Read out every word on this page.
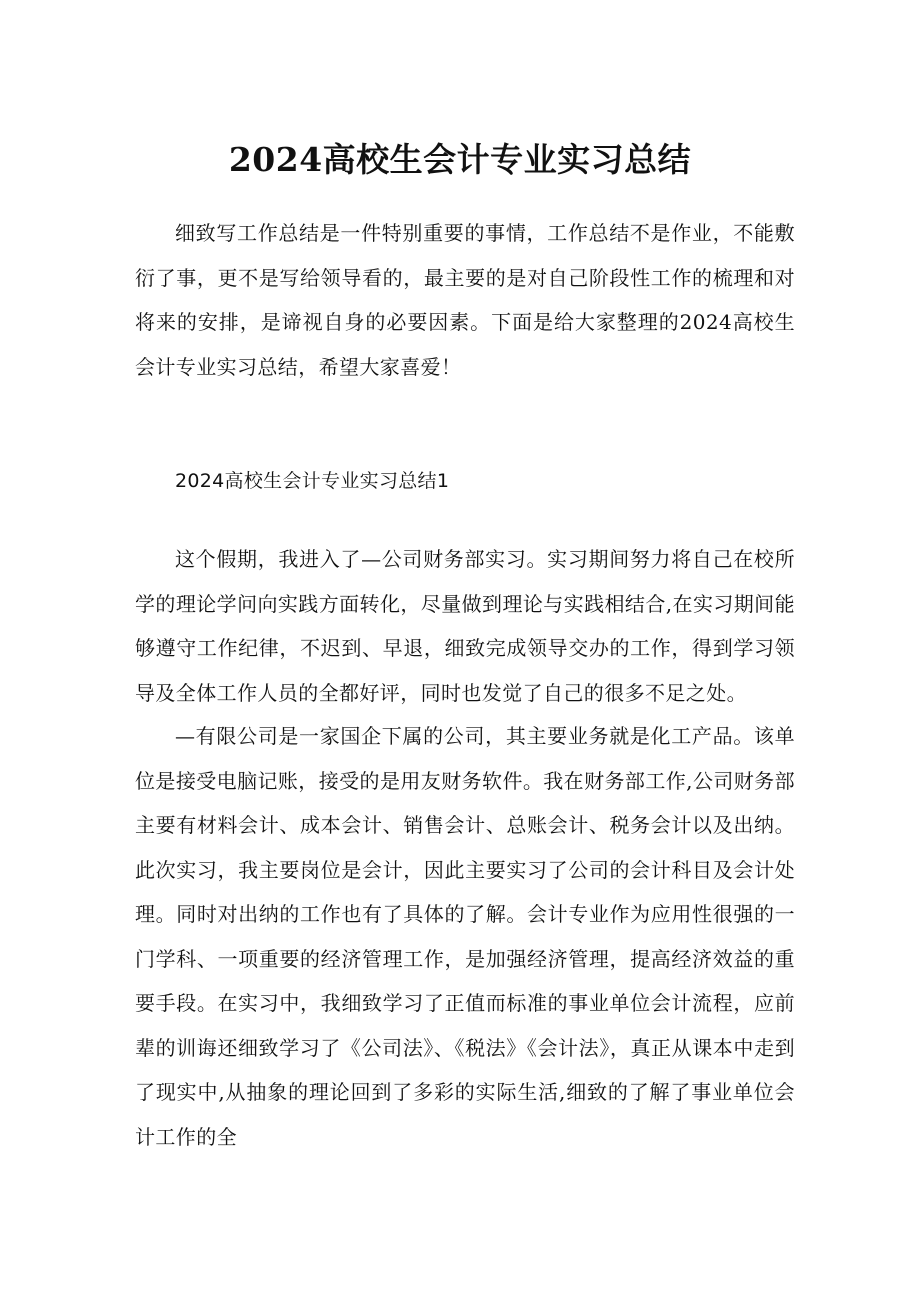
2024高校生会计专业实习总结

细致写工作总结是一件特别重要的事情，工作总结不是作业，不能敷衍了事，更不是写给领导看的，最主要的是对自己阶段性工作的梳理和对将来的安排，是谛视自身的必要因素。下面是给大家整理的2024高校生会计专业实习总结，希望大家喜爱！

2024高校生会计专业实习总结1

这个假期，我进入了—公司财务部实习。实习期间努力将自己在校所学的理论学问向实践方面转化，尽量做到理论与实践相结合,在实习期间能够遵守工作纪律，不迟到、早退，细致完成领导交办的工作，得到学习领导及全体工作人员的全都好评，同时也发觉了自己的很多不足之处。

—有限公司是一家国企下属的公司，其主要业务就是化工产品。该单位是接受电脑记账，接受的是用友财务软件。我在财务部工作,公司财务部主要有材料会计、成本会计、销售会计、总账会计、税务会计以及出纳。此次实习，我主要岗位是会计，因此主要实习了公司的会计科目及会计处理。同时对出纳的工作也有了具体的了解。会计专业作为应用性很强的一门学科、一项重要的经济管理工作，是加强经济管理，提高经济效益的重要手段。在实习中，我细致学习了正值而标准的事业单位会计流程，应前辈的训诲还细致学习了《公司法》、《税法》《会计法》，真正从课本中走到了现实中,从抽象的理论回到了多彩的实际生活,细致的了解了事业单位会计工作的全
